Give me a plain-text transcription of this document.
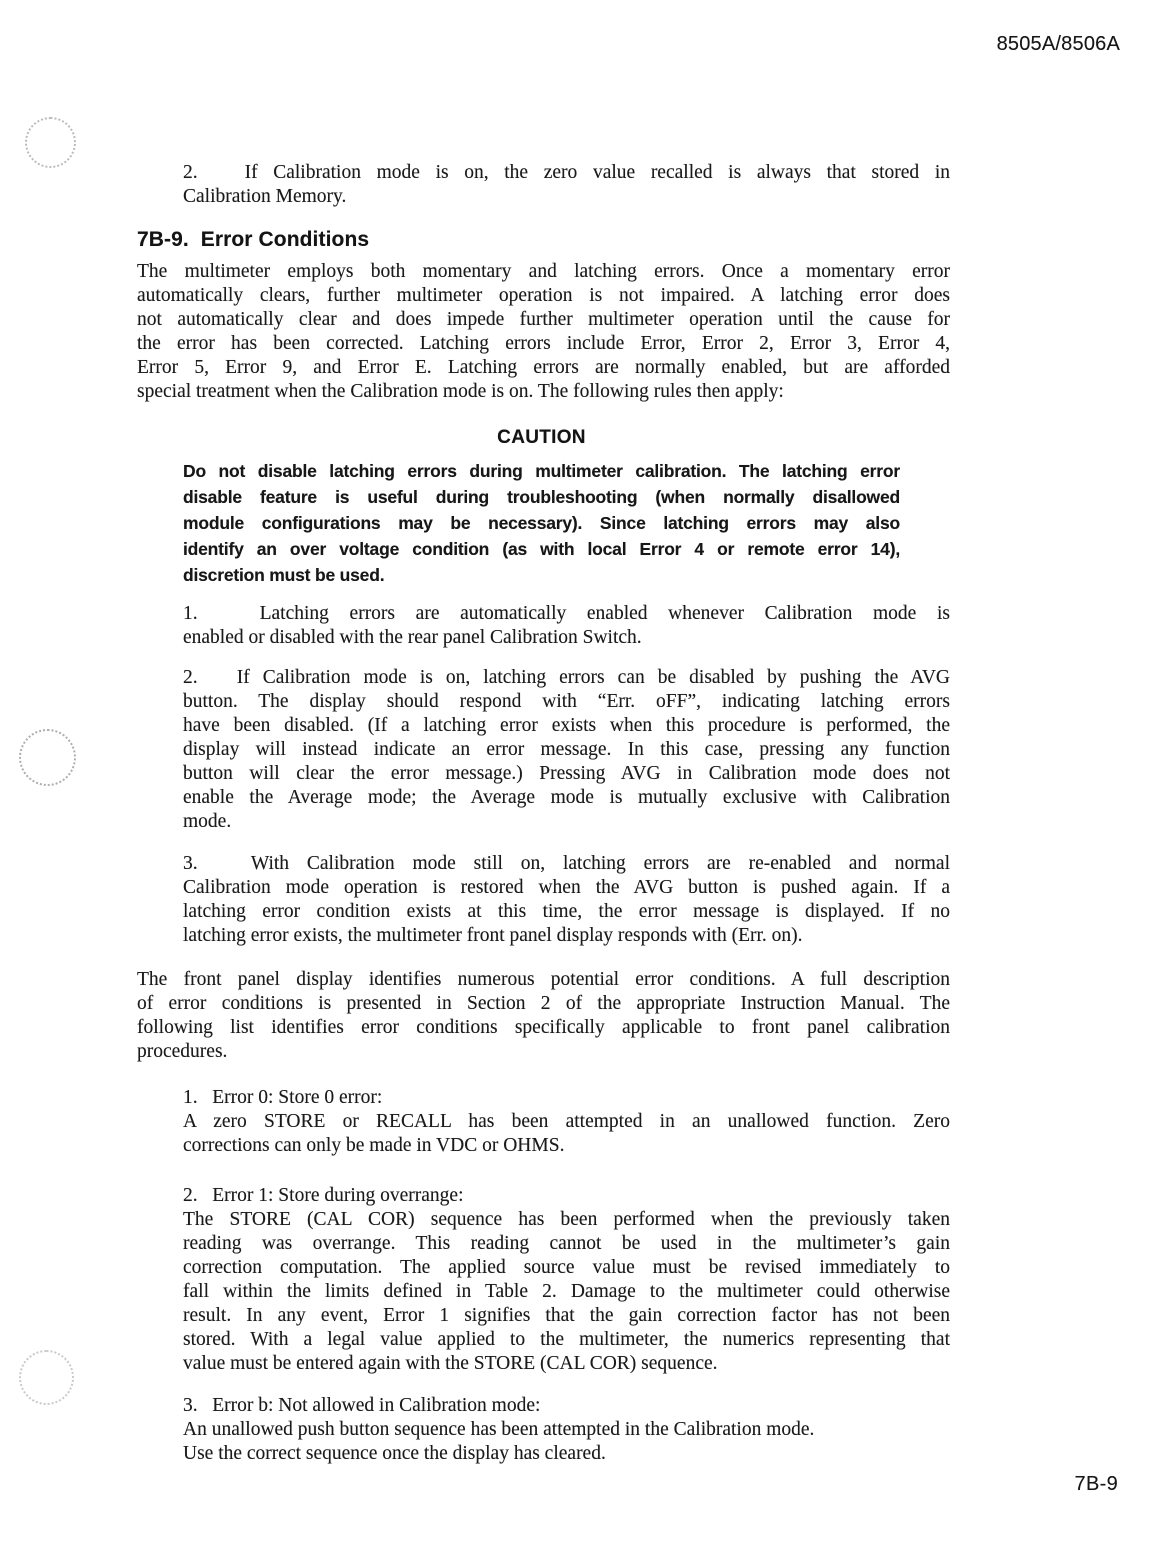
8505A/8506A
2.   If Calibration mode is on, the zero value recalled is always that stored in
Calibration Memory.
7B-9.  Error Conditions
The multimeter employs both momentary and latching errors. Once a momentary error
automatically clears, further multimeter operation is not impaired. A latching error does
not automatically clear and does impede further multimeter operation until the cause for
the error has been corrected. Latching errors include Error, Error 2, Error 3, Error 4,
Error 5, Error 9, and Error E. Latching errors are normally enabled, but are afforded
special treatment when the Calibration mode is on. The following rules then apply:
CAUTION
Do not disable latching errors during multimeter calibration. The latching error
disable feature is useful during troubleshooting (when normally disallowed
module configurations may be necessary). Since latching errors may also
identify an over voltage condition (as with local Error 4 or remote error 14),
discretion must be used.
1.   Latching errors are automatically enabled whenever Calibration mode is
enabled or disabled with the rear panel Calibration Switch.
2.   If Calibration mode is on, latching errors can be disabled by pushing the AVG
button. The display should respond with “Err. oFF”, indicating latching errors
have been disabled. (If a latching error exists when this procedure is performed, the
display will instead indicate an error message. In this case, pressing any function
button will clear the error message.) Pressing AVG in Calibration mode does not
enable the Average mode; the Average mode is mutually exclusive with Calibration
mode.
3.   With Calibration mode still on, latching errors are re-enabled and normal
Calibration mode operation is restored when the AVG button is pushed again. If a
latching error condition exists at this time, the error message is displayed. If no
latching error exists, the multimeter front panel display responds with (Err. on).
The front panel display identifies numerous potential error conditions. A full description
of error conditions is presented in Section 2 of the appropriate Instruction Manual. The
following list identifies error conditions specifically applicable to front panel calibration
procedures.
1.   Error 0: Store 0 error:
A zero STORE or RECALL has been attempted in an unallowed function. Zero
corrections can only be made in VDC or OHMS.
2.   Error 1: Store during overrange:
The STORE (CAL COR) sequence has been performed when the previously taken
reading was overrange. This reading cannot be used in the multimeter’s gain
correction computation. The applied source value must be revised immediately to
fall within the limits defined in Table 2. Damage to the multimeter could otherwise
result. In any event, Error 1 signifies that the gain correction factor has not been
stored. With a legal value applied to the multimeter, the numerics representing that
value must be entered again with the STORE (CAL COR) sequence.
3.   Error b: Not allowed in Calibration mode:
An unallowed push button sequence has been attempted in the Calibration mode.
Use the correct sequence once the display has cleared.
7B-9
